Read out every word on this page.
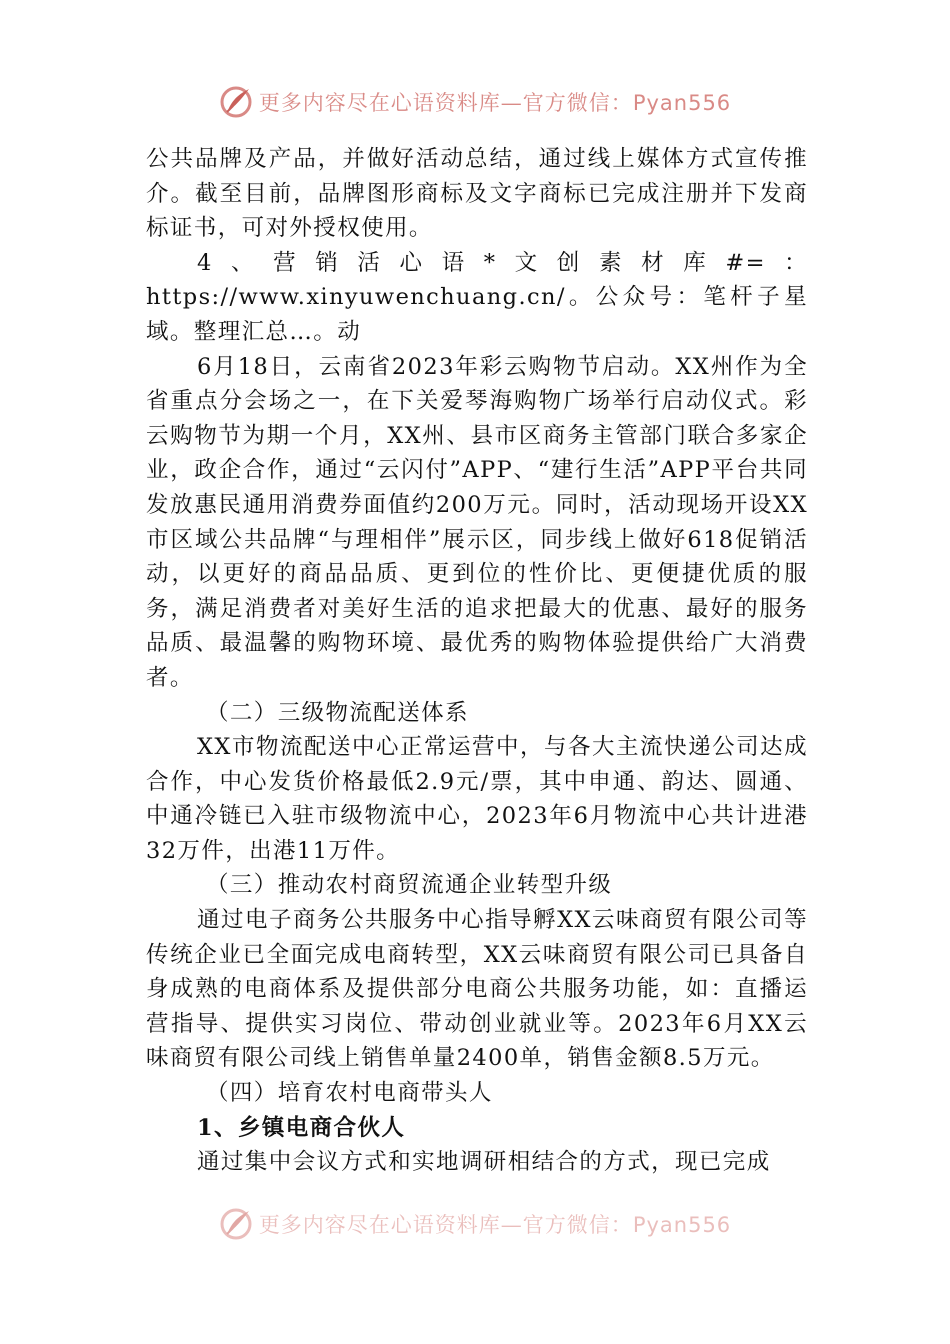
更多内容尽在心语资料库—官方微信：Pyan556

公共品牌及产品，并做好活动总结，通过线上媒体方式宣传推介。截至目前，品牌图形商标及文字商标已完成注册并下发商标证书，可对外授权使用。

4、营销活心语*文创素材库#=：https://www.xinyuwenchuang.cn/。公众号：笔杆子星域。整理汇总…。动

6月18日，云南省2023年彩云购物节启动。XX州作为全省重点分会场之一，在下关爱琴海购物广场举行启动仪式。彩云购物节为期一个月，XX州、县市区商务主管部门联合多家企业，政企合作，通过“云闪付”APP、“建行生活”APP平台共同发放惠民通用消费券面值约200万元。同时，活动现场开设XX市区域公共品牌“与理相伴”展示区，同步线上做好618促销活动，以更好的商品品质、更到位的性价比、更便捷优质的服务，满足消费者对美好生活的追求把最大的优惠、最好的服务品质、最温馨的购物环境、最优秀的购物体验提供给广大消费者。

（二）三级物流配送体系

XX市物流配送中心正常运营中，与各大主流快递公司达成合作，中心发货价格最低2.9元/票，其中申通、韵达、圆通、中通冷链已入驻市级物流中心，2023年6月物流中心共计进港32万件，出港11万件。

（三）推动农村商贸流通企业转型升级

通过电子商务公共服务中心指导孵XX云味商贸有限公司等传统企业已全面完成电商转型，XX云味商贸有限公司已具备自身成熟的电商体系及提供部分电商公共服务功能，如：直播运营指导、提供实习岗位、带动创业就业等。2023年6月XX云味商贸有限公司线上销售单量2400单，销售金额8.5万元。

（四）培育农村电商带头人

1、乡镇电商合伙人

通过集中会议方式和实地调研相结合的方式，现已完成

更多内容尽在心语资料库—官方微信：Pyan556
